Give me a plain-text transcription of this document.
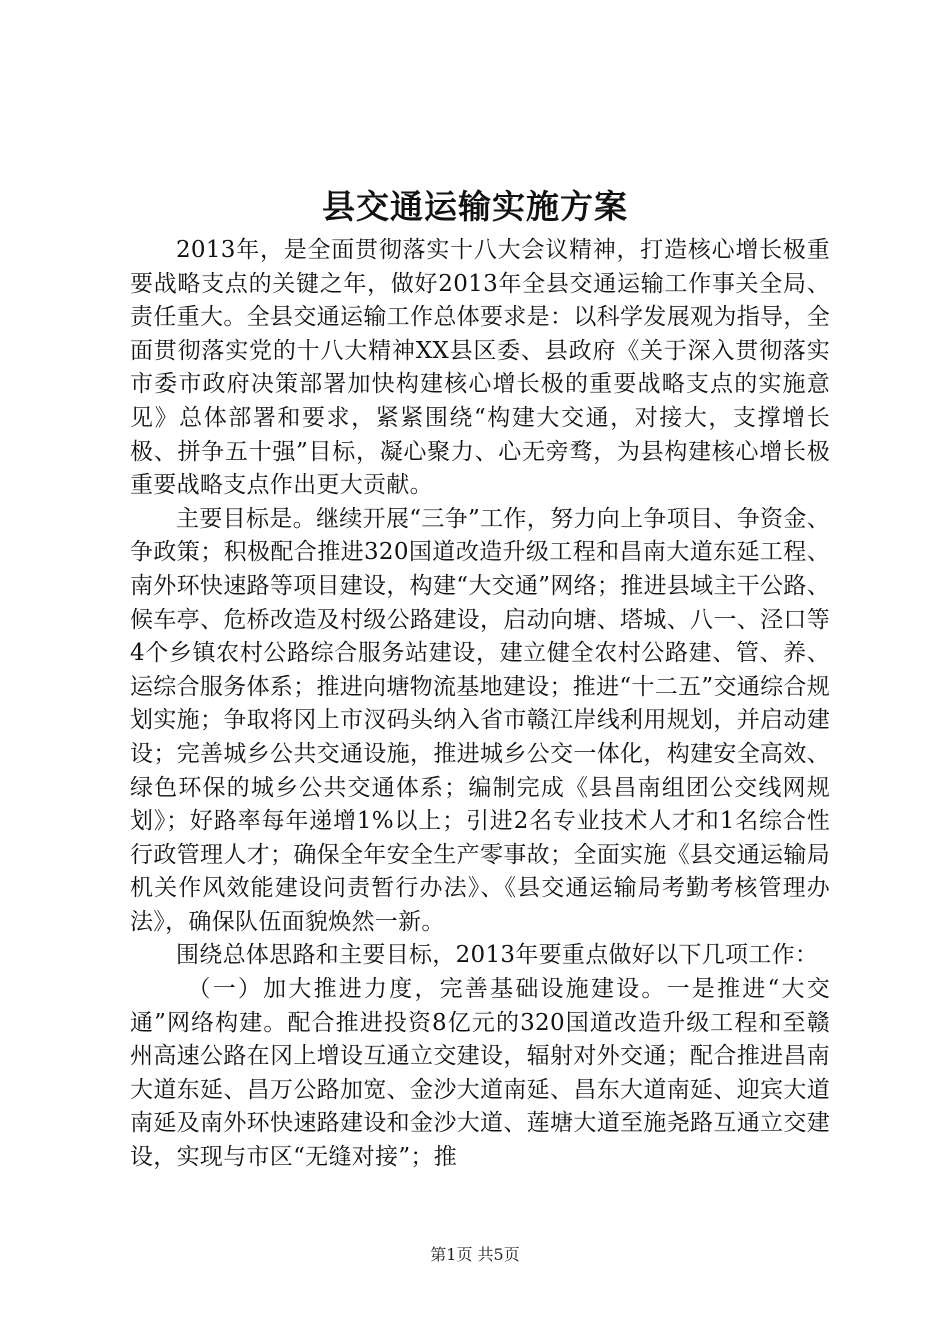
县交通运输实施方案

2013年，是全面贯彻落实十八大会议精神，打造核心增长极重要战略支点的关键之年，做好2013年全县交通运输工作事关全局、责任重大。全县交通运输工作总体要求是：以科学发展观为指导，全面贯彻落实党的十八大精神XX县区委、县政府《关于深入贯彻落实市委市政府决策部署加快构建核心增长极的重要战略支点的实施意见》总体部署和要求，紧紧围绕“构建大交通，对接大，支撑增长极、拼争五十强”目标，凝心聚力、心无旁骛，为县构建核心增长极重要战略支点作出更大贡献。

主要目标是。继续开展“三争”工作，努力向上争项目、争资金、争政策；积极配合推进320国道改造升级工程和昌南大道东延工程、南外环快速路等项目建设，构建“大交通”网络；推进县域主干公路、候车亭、危桥改造及村级公路建设，启动向塘、塔城、八一、泾口等4个乡镇农村公路综合服务站建设，建立健全农村公路建、管、养、运综合服务体系；推进向塘物流基地建设；推进“十二五”交通综合规划实施；争取将冈上市汊码头纳入省市赣江岸线利用规划，并启动建设；完善城乡公共交通设施，推进城乡公交一体化，构建安全高效、绿色环保的城乡公共交通体系；编制完成《县昌南组团公交线网规划》；好路率每年递增1%以上；引进2名专业技术人才和1名综合性行政管理人才；确保全年安全生产零事故；全面实施《县交通运输局机关作风效能建设问责暂行办法》、《县交通运输局考勤考核管理办法》，确保队伍面貌焕然一新。

围绕总体思路和主要目标，2013年要重点做好以下几项工作：

（一）加大推进力度，完善基础设施建设。一是推进“大交通”网络构建。配合推进投资8亿元的320国道改造升级工程和至赣州高速公路在冈上增设互通立交建设，辐射对外交通；配合推进昌南大道东延、昌万公路加宽、金沙大道南延、昌东大道南延、迎宾大道南延及南外环快速路建设和金沙大道、莲塘大道至施尧路互通立交建设，实现与市区“无缝对接”；推

第1页 共5页
